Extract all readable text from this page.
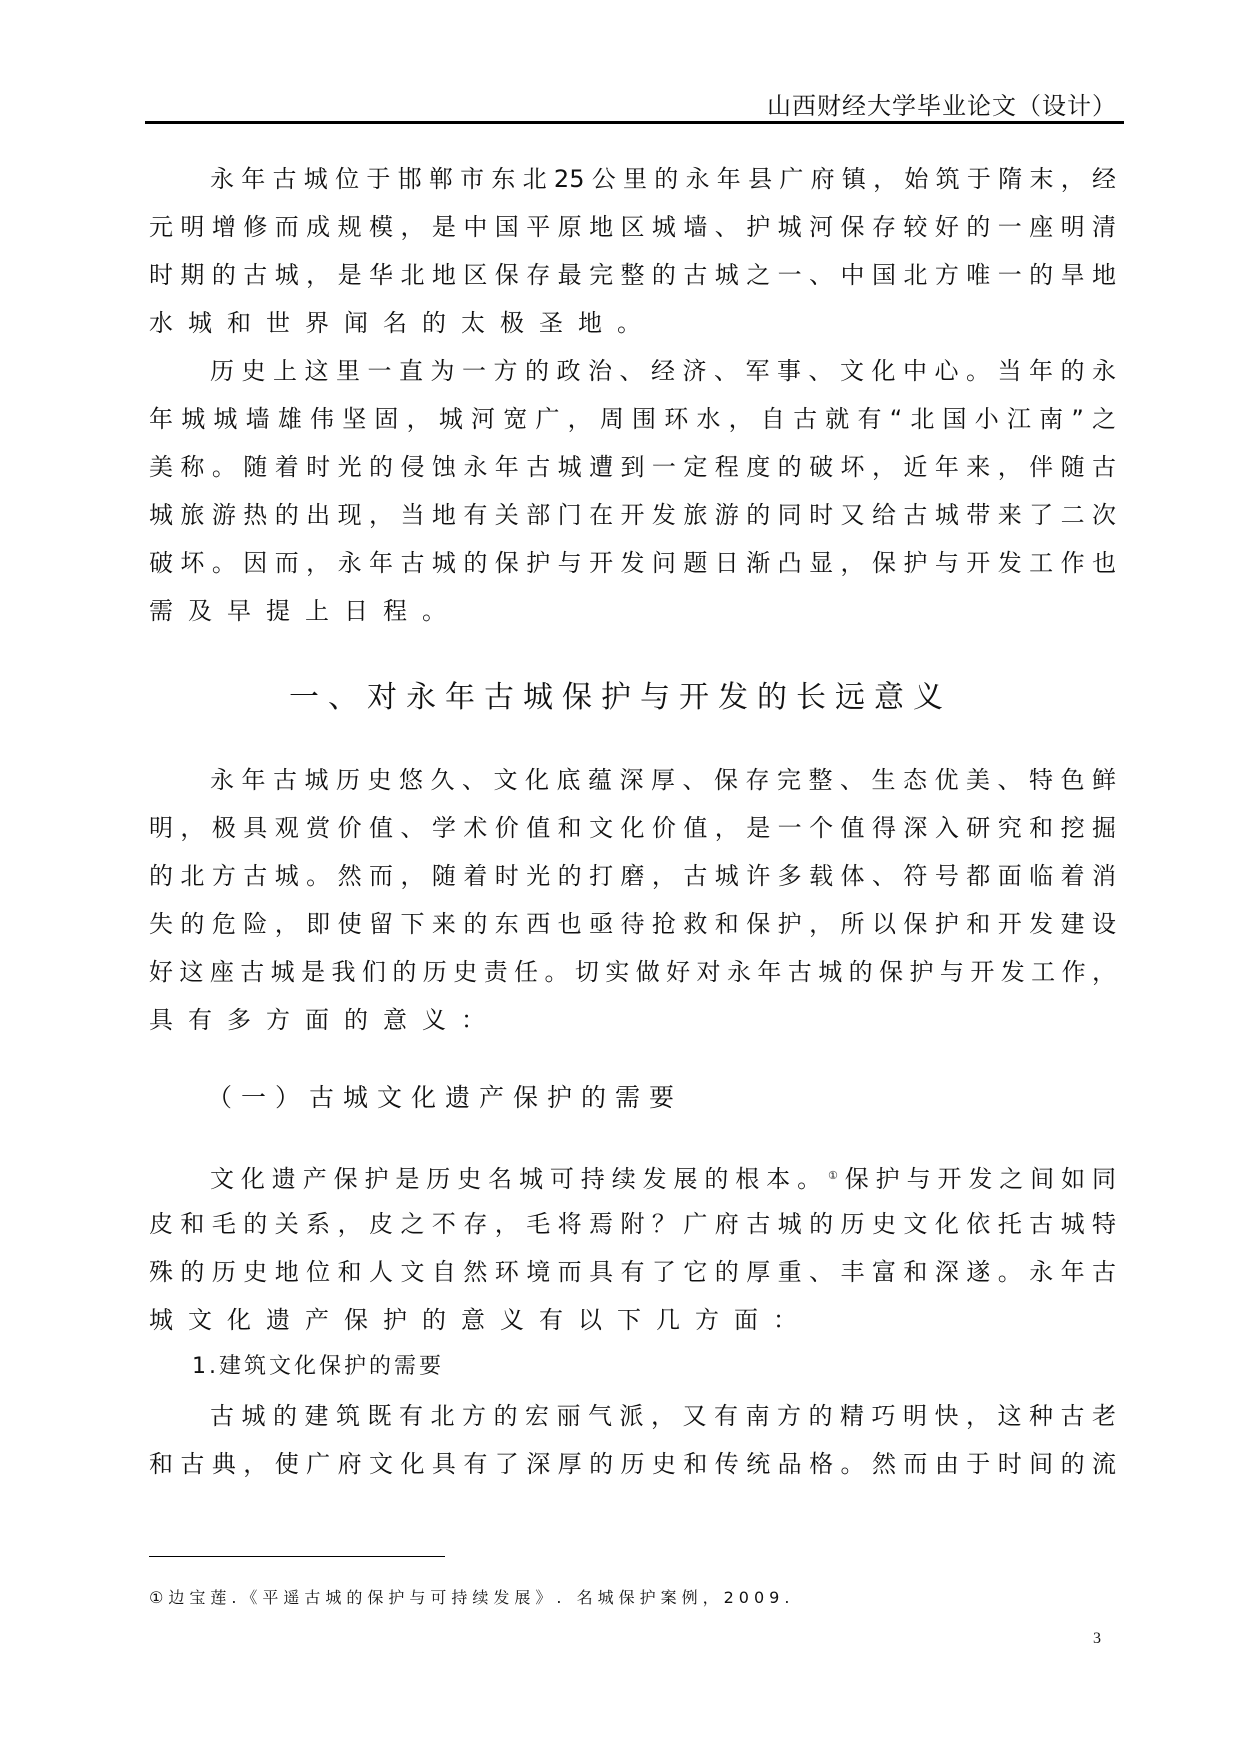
山西财经大学毕业论文（设计）
永年古城位于邯郸市东北25公里的永年县广府镇，始筑于隋末，经
元明增修而成规模，是中国平原地区城墙、护城河保存较好的一座明清
时期的古城，是华北地区保存最完整的古城之一、中国北方唯一的旱地
水城和世界闻名的太极圣地。
历史上这里一直为一方的政治、经济、军事、文化中心。当年的永
年城城墙雄伟坚固，城河宽广，周围环水，自古就有“北国小江南”之
美称。随着时光的侵蚀永年古城遭到一定程度的破坏，近年来，伴随古
城旅游热的出现，当地有关部门在开发旅游的同时又给古城带来了二次
破坏。因而，永年古城的保护与开发问题日渐凸显，保护与开发工作也
需及早提上日程。
一、对永年古城保护与开发的长远意义
永年古城历史悠久、文化底蕴深厚、保存完整、生态优美、特色鲜
明，极具观赏价值、学术价值和文化价值，是一个值得深入研究和挖掘
的北方古城。然而，随着时光的打磨，古城许多载体、符号都面临着消
失的危险，即使留下来的东西也亟待抢救和保护，所以保护和开发建设
好这座古城是我们的历史责任。切实做好对永年古城的保护与开发工作，
具有多方面的意义：
（一）古城文化遗产保护的需要
文化遗产保护是历史名城可持续发展的根本。①保护与开发之间如同
皮和毛的关系，皮之不存，毛将焉附？广府古城的历史文化依托古城特
殊的历史地位和人文自然环境而具有了它的厚重、丰富和深遂。永年古
城文化遗产保护的意义有以下几方面：
1.建筑文化保护的需要
古城的建筑既有北方的宏丽气派，又有南方的精巧明快，这种古老
和古典，使广府文化具有了深厚的历史和传统品格。然而由于时间的流
①边宝莲.《平遥古城的保护与可持续发展》. 名城保护案例，2009.
3
